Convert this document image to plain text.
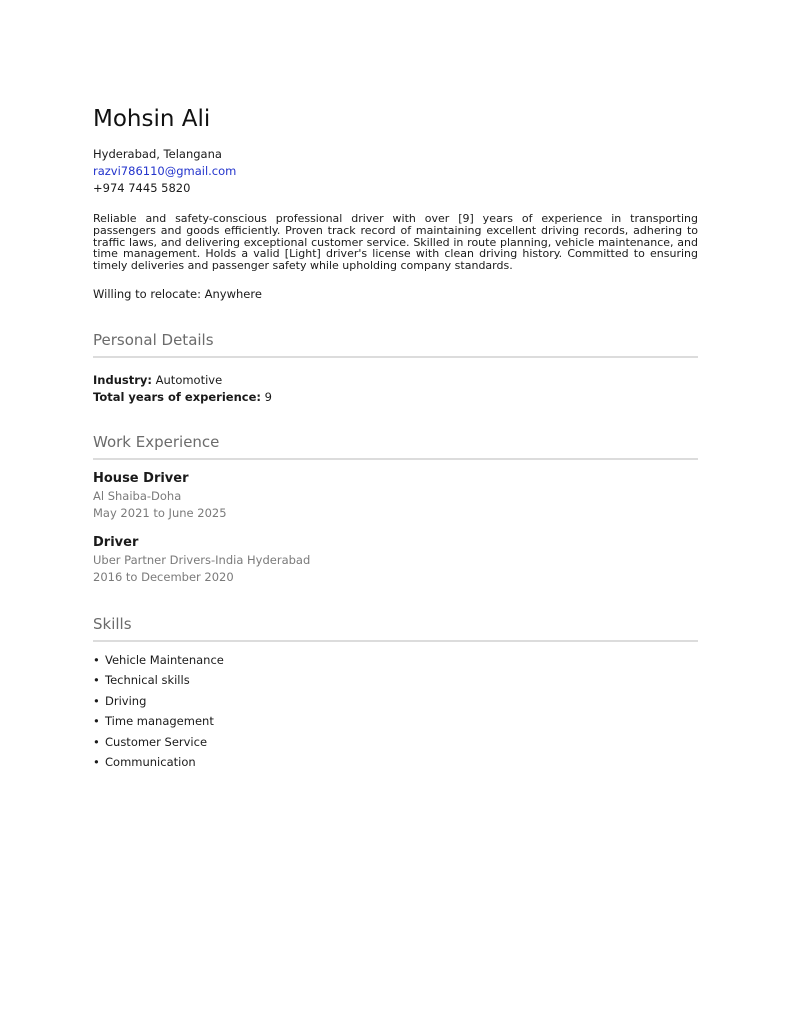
Mohsin Ali

Hyderabad, Telangana

razvi786110@gmail.com

+974 7445 5820

Reliable and safety-conscious professional driver with over [9] years of experience in transporting passengers and goods efficiently. Proven track record of maintaining excellent driving records, adhering to traffic laws, and delivering exceptional customer service. Skilled in route planning, vehicle maintenance, and time management. Holds a valid [Light] driver's license with clean driving history. Committed to ensuring timely deliveries and passenger safety while upholding company standards.

Willing to relocate: Anywhere

Personal Details
Industry: Automotive
Total years of experience: 9
Work Experience

House Driver

Al Shaiba-Doha

May 2021 to June 2025

Driver

Uber Partner Drivers-India Hyderabad

2016 to December 2020

Skills
• Vehicle Maintenance
• Technical skills
• Driving
• Time management
• Customer Service
• Communication
